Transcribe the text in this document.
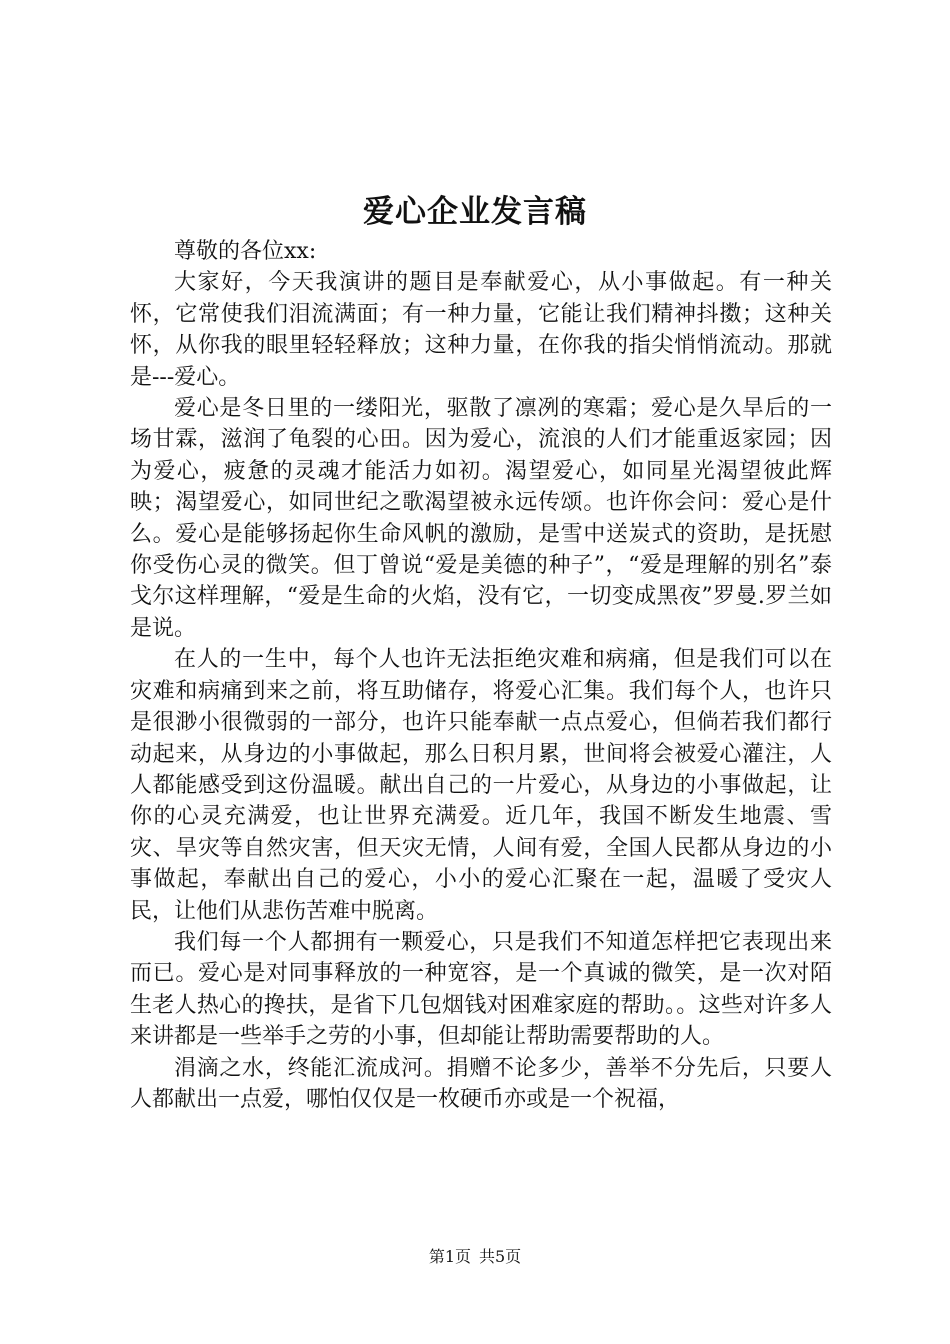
爱心企业发言稿

尊敬的各位xx:

大家好，今天我演讲的题目是奉献爱心，从小事做起。有一种关怀，它常使我们泪流满面；有一种力量，它能让我们精神抖擞；这种关怀，从你我的眼里轻轻释放；这种力量，在你我的指尖悄悄流动。那就是---爱心。

爱心是冬日里的一缕阳光，驱散了凛冽的寒霜；爱心是久旱后的一场甘霖，滋润了龟裂的心田。因为爱心，流浪的人们才能重返家园；因为爱心，疲惫的灵魂才能活力如初。渴望爱心，如同星光渴望彼此辉映；渴望爱心，如同世纪之歌渴望被永远传颂。也许你会问：爱心是什么。爱心是能够扬起你生命风帆的激励，是雪中送炭式的资助，是抚慰你受伤心灵的微笑。但丁曾说“爱是美德的种子”，“爱是理解的别名”泰戈尔这样理解，“爱是生命的火焰，没有它，一切变成黑夜”罗曼.罗兰如是说。

在人的一生中，每个人也许无法拒绝灾难和病痛，但是我们可以在灾难和病痛到来之前，将互助储存，将爱心汇集。我们每个人，也许只是很渺小很微弱的一部分，也许只能奉献一点点爱心，但倘若我们都行动起来，从身边的小事做起，那么日积月累，世间将会被爱心灌注，人人都能感受到这份温暖。献出自己的一片爱心，从身边的小事做起，让你的心灵充满爱，也让世界充满爱。近几年，我国不断发生地震、雪灾、旱灾等自然灾害，但天灾无情，人间有爱，全国人民都从身边的小事做起，奉献出自己的爱心，小小的爱心汇聚在一起，温暖了受灾人民，让他们从悲伤苦难中脱离。

我们每一个人都拥有一颗爱心，只是我们不知道怎样把它表现出来而已。爱心是对同事释放的一种宽容，是一个真诚的微笑，是一次对陌生老人热心的搀扶，是省下几包烟钱对困难家庭的帮助。。这些对许多人来讲都是一些举手之劳的小事，但却能让帮助需要帮助的人。

涓滴之水，终能汇流成河。捐赠不论多少，善举不分先后，只要人人都献出一点爱，哪怕仅仅是一枚硬币亦或是一个祝福，

第1页 共5页
